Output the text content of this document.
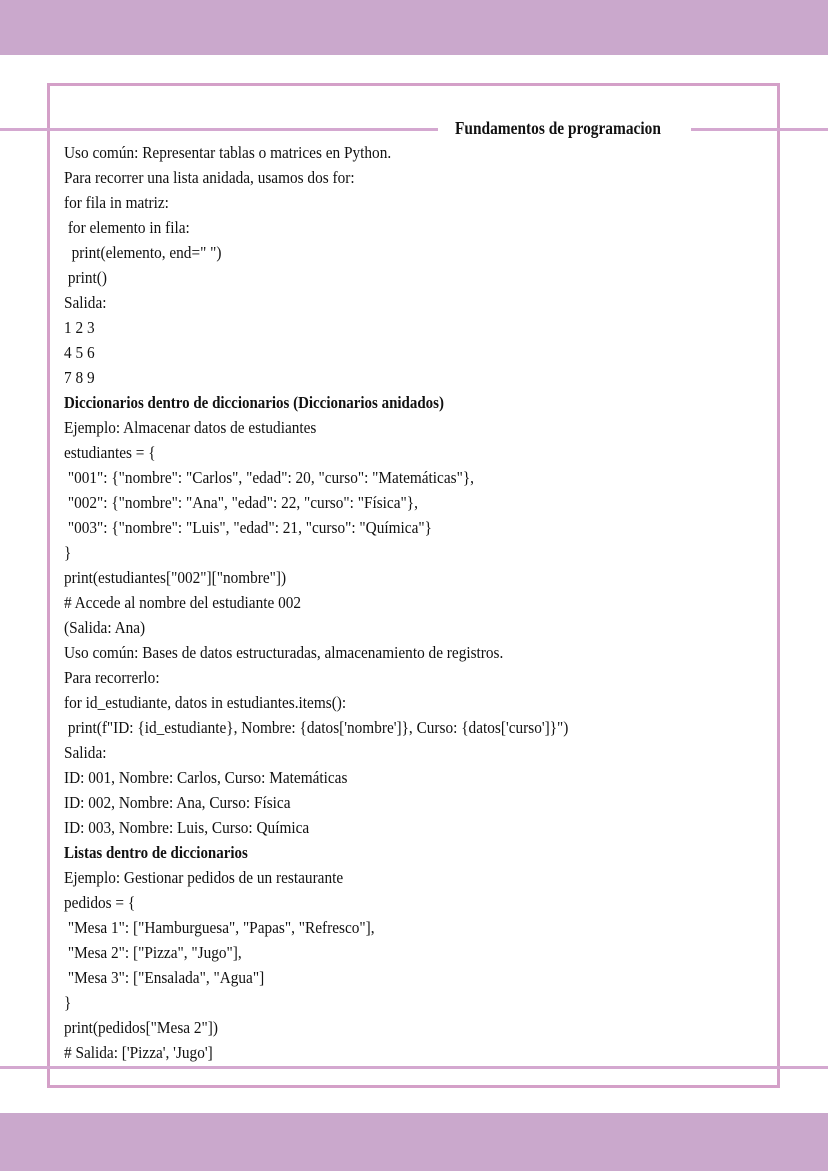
Fundamentos de programacion
Uso común: Representar tablas o matrices en Python.
Para recorrer una lista anidada, usamos dos for:
for fila in matriz:
for elemento in fila:
print(elemento, end=" ")
print()
Salida:
1 2 3
4 5 6
7 8 9
Diccionarios dentro de diccionarios (Diccionarios anidados)
Ejemplo: Almacenar datos de estudiantes
estudiantes = {
"001": {"nombre": "Carlos", "edad": 20, "curso": "Matemáticas"},
"002": {"nombre": "Ana", "edad": 22, "curso": "Física"},
"003": {"nombre": "Luis", "edad": 21, "curso": "Química"}
}
print(estudiantes["002"]["nombre"])
# Accede al nombre del estudiante 002
(Salida: Ana)
Uso común: Bases de datos estructuradas, almacenamiento de registros.
Para recorrerlo:
for id_estudiante, datos in estudiantes.items():
print(f"ID: {id_estudiante}, Nombre: {datos['nombre']}, Curso: {datos['curso']}")
Salida:
ID: 001, Nombre: Carlos, Curso: Matemáticas
ID: 002, Nombre: Ana, Curso: Física
ID: 003, Nombre: Luis, Curso: Química
Listas dentro de diccionarios
Ejemplo: Gestionar pedidos de un restaurante
pedidos = {
"Mesa 1": ["Hamburguesa", "Papas", "Refresco"],
"Mesa 2": ["Pizza", "Jugo"],
"Mesa 3": ["Ensalada", "Agua"]
}
print(pedidos["Mesa 2"])
# Salida: ['Pizza', 'Jugo']
